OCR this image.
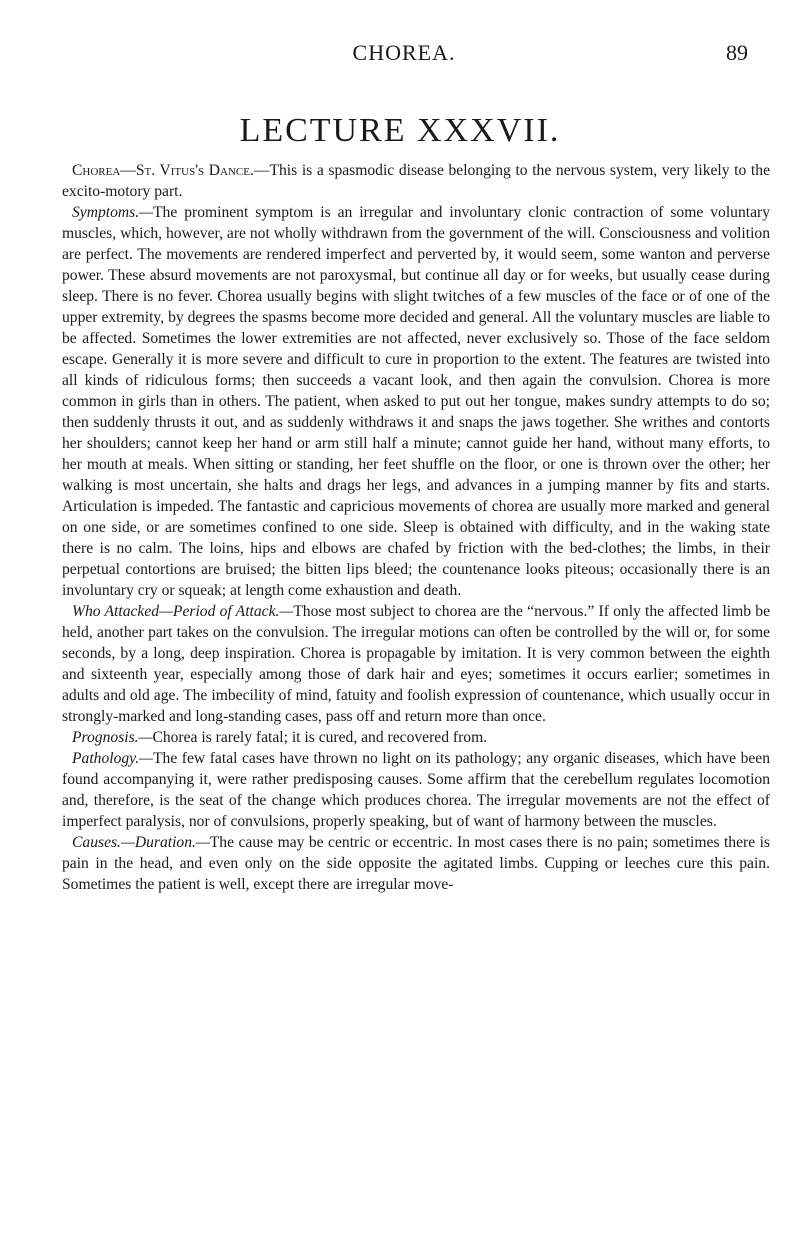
CHOREA.	89
LECTURE XXXVII.

Chorea—St. Vitus's Dance.—This is a spasmodic disease belonging to the nervous system, very likely to the excito-motory part.

Symptoms.—The prominent symptom is an irregular and involuntary clonic contraction of some voluntary muscles, which, however, are not wholly withdrawn from the government of the will. Consciousness and volition are perfect. The movements are rendered imperfect and perverted by, it would seem, some wanton and perverse power. These absurd movements are not paroxysmal, but continue all day or for weeks, but usually cease during sleep. There is no fever. Chorea usually begins with slight twitches of a few muscles of the face or of one of the upper extremity, by degrees the spasms become more decided and general. All the voluntary muscles are liable to be affected. Sometimes the lower extremities are not affected, never exclusively so. Those of the face seldom escape. Generally it is more severe and difficult to cure in proportion to the extent. The features are twisted into all kinds of ridiculous forms; then succeeds a vacant look, and then again the convulsion. Chorea is more common in girls than in others. The patient, when asked to put out her tongue, makes sundry attempts to do so; then suddenly thrusts it out, and as suddenly withdraws it and snaps the jaws together. She writhes and contorts her shoulders; cannot keep her hand or arm still half a minute; cannot guide her hand, without many efforts, to her mouth at meals. When sitting or standing, her feet shuffle on the floor, or one is thrown over the other; her walking is most uncertain, she halts and drags her legs, and advances in a jumping manner by fits and starts. Articulation is impeded. The fantastic and capricious movements of chorea are usually more marked and general on one side, or are sometimes confined to one side. Sleep is obtained with difficulty, and in the waking state there is no calm. The loins, hips and elbows are chafed by friction with the bed-clothes; the limbs, in their perpetual contortions are bruised; the bitten lips bleed; the countenance looks piteous; occasionally there is an involuntary cry or squeak; at length come exhaustion and death.

Who Attacked—Period of Attack.—Those most subject to chorea are the “nervous.” If only the affected limb be held, another part takes on the convulsion. The irregular motions can often be controlled by the will or, for some seconds, by a long, deep inspiration. Chorea is propagable by imitation. It is very common between the eighth and sixteenth year, especially among those of dark hair and eyes; sometimes it occurs earlier; sometimes in adults and old age. The imbecility of mind, fatuity and foolish expression of countenance, which usually occur in strongly-marked and long-standing cases, pass off and return more than once.

Prognosis.—Chorea is rarely fatal; it is cured, and recovered from.

Pathology.—The few fatal cases have thrown no light on its pathology; any organic diseases, which have been found accompanying it, were rather predisposing causes. Some affirm that the cerebellum regulates locomotion and, therefore, is the seat of the change which produces chorea. The irregular movements are not the effect of imperfect paralysis, nor of convulsions, properly speaking, but of want of harmony between the muscles.

Causes.—Duration.—The cause may be centric or eccentric. In most cases there is no pain; sometimes there is pain in the head, and even only on the side opposite the agitated limbs. Cupping or leeches cure this pain. Sometimes the patient is well, except there are irregular move-
